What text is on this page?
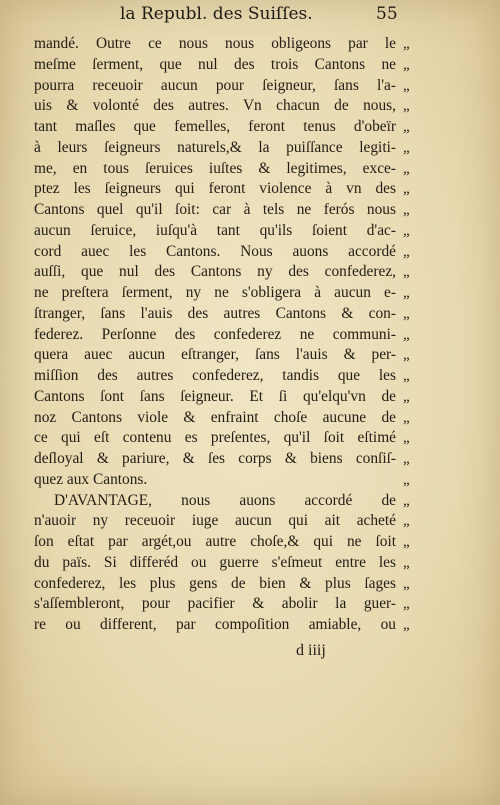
la Republ. des Suiſſes.	55
mandé. Outre ce nous nous obligeons par le
meſme ſerment, que nul des trois Cantons ne
pourra receuoir aucun pour ſeigneur, ſans l'a-
uis & volonté des autres. Vn chacun de nous,
tant maſles que femelles, feront tenus d'obeïr
à leurs ſeigneurs naturels,& la puiſſance legiti-
me, en tous ſeruices iuſtes & legitimes, exce-
ptez les ſeigneurs qui feront violence à vn des
Cantons quel qu'il ſoit: car à tels ne ferós nous
aucun ſeruice, iuſqu'à tant qu'ils ſoient d'ac-
cord auec les Cantons. Nous auons accordé
auſſi, que nul des Cantons ny des confederez,
ne preſtera ſerment, ny ne s'obligera à aucun e-
ſtranger, ſans l'auis des autres Cantons & con-
federez. Perſonne des confederez ne communi-
quera auec aucun eſtranger, ſans l'auis & per-
miſſion des autres confederez, tandis que les
Cantons ſont ſans ſeigneur. Et ſi qu'elqu'vn de
noz Cantons viole & enfraint choſe aucune de
ce qui eſt contenu es preſentes, qu'il ſoit eſtimé
deſloyal & pariure, & ſes corps & biens conſiſ-
quez aux Cantons.
D'AVANTAGE, nous auons accordé de
n'auoir ny receuoir iuge aucun qui ait acheté
ſon eſtat par argét,ou autre choſe,& qui ne ſoit
du païs. Si differéd ou guerre s'eſmeut entre les
confederez, les plus gens de bien & plus ſages
s'aſſembleront, pour pacifier & abolir la guer-
re ou different, par compoſition amiable, ou
„
„
„
„
„
„
„
„
„
„
„
„
„
„
„
„
„
„
„
„
„
„
„
„
„
„
„
„
„
d iiij
